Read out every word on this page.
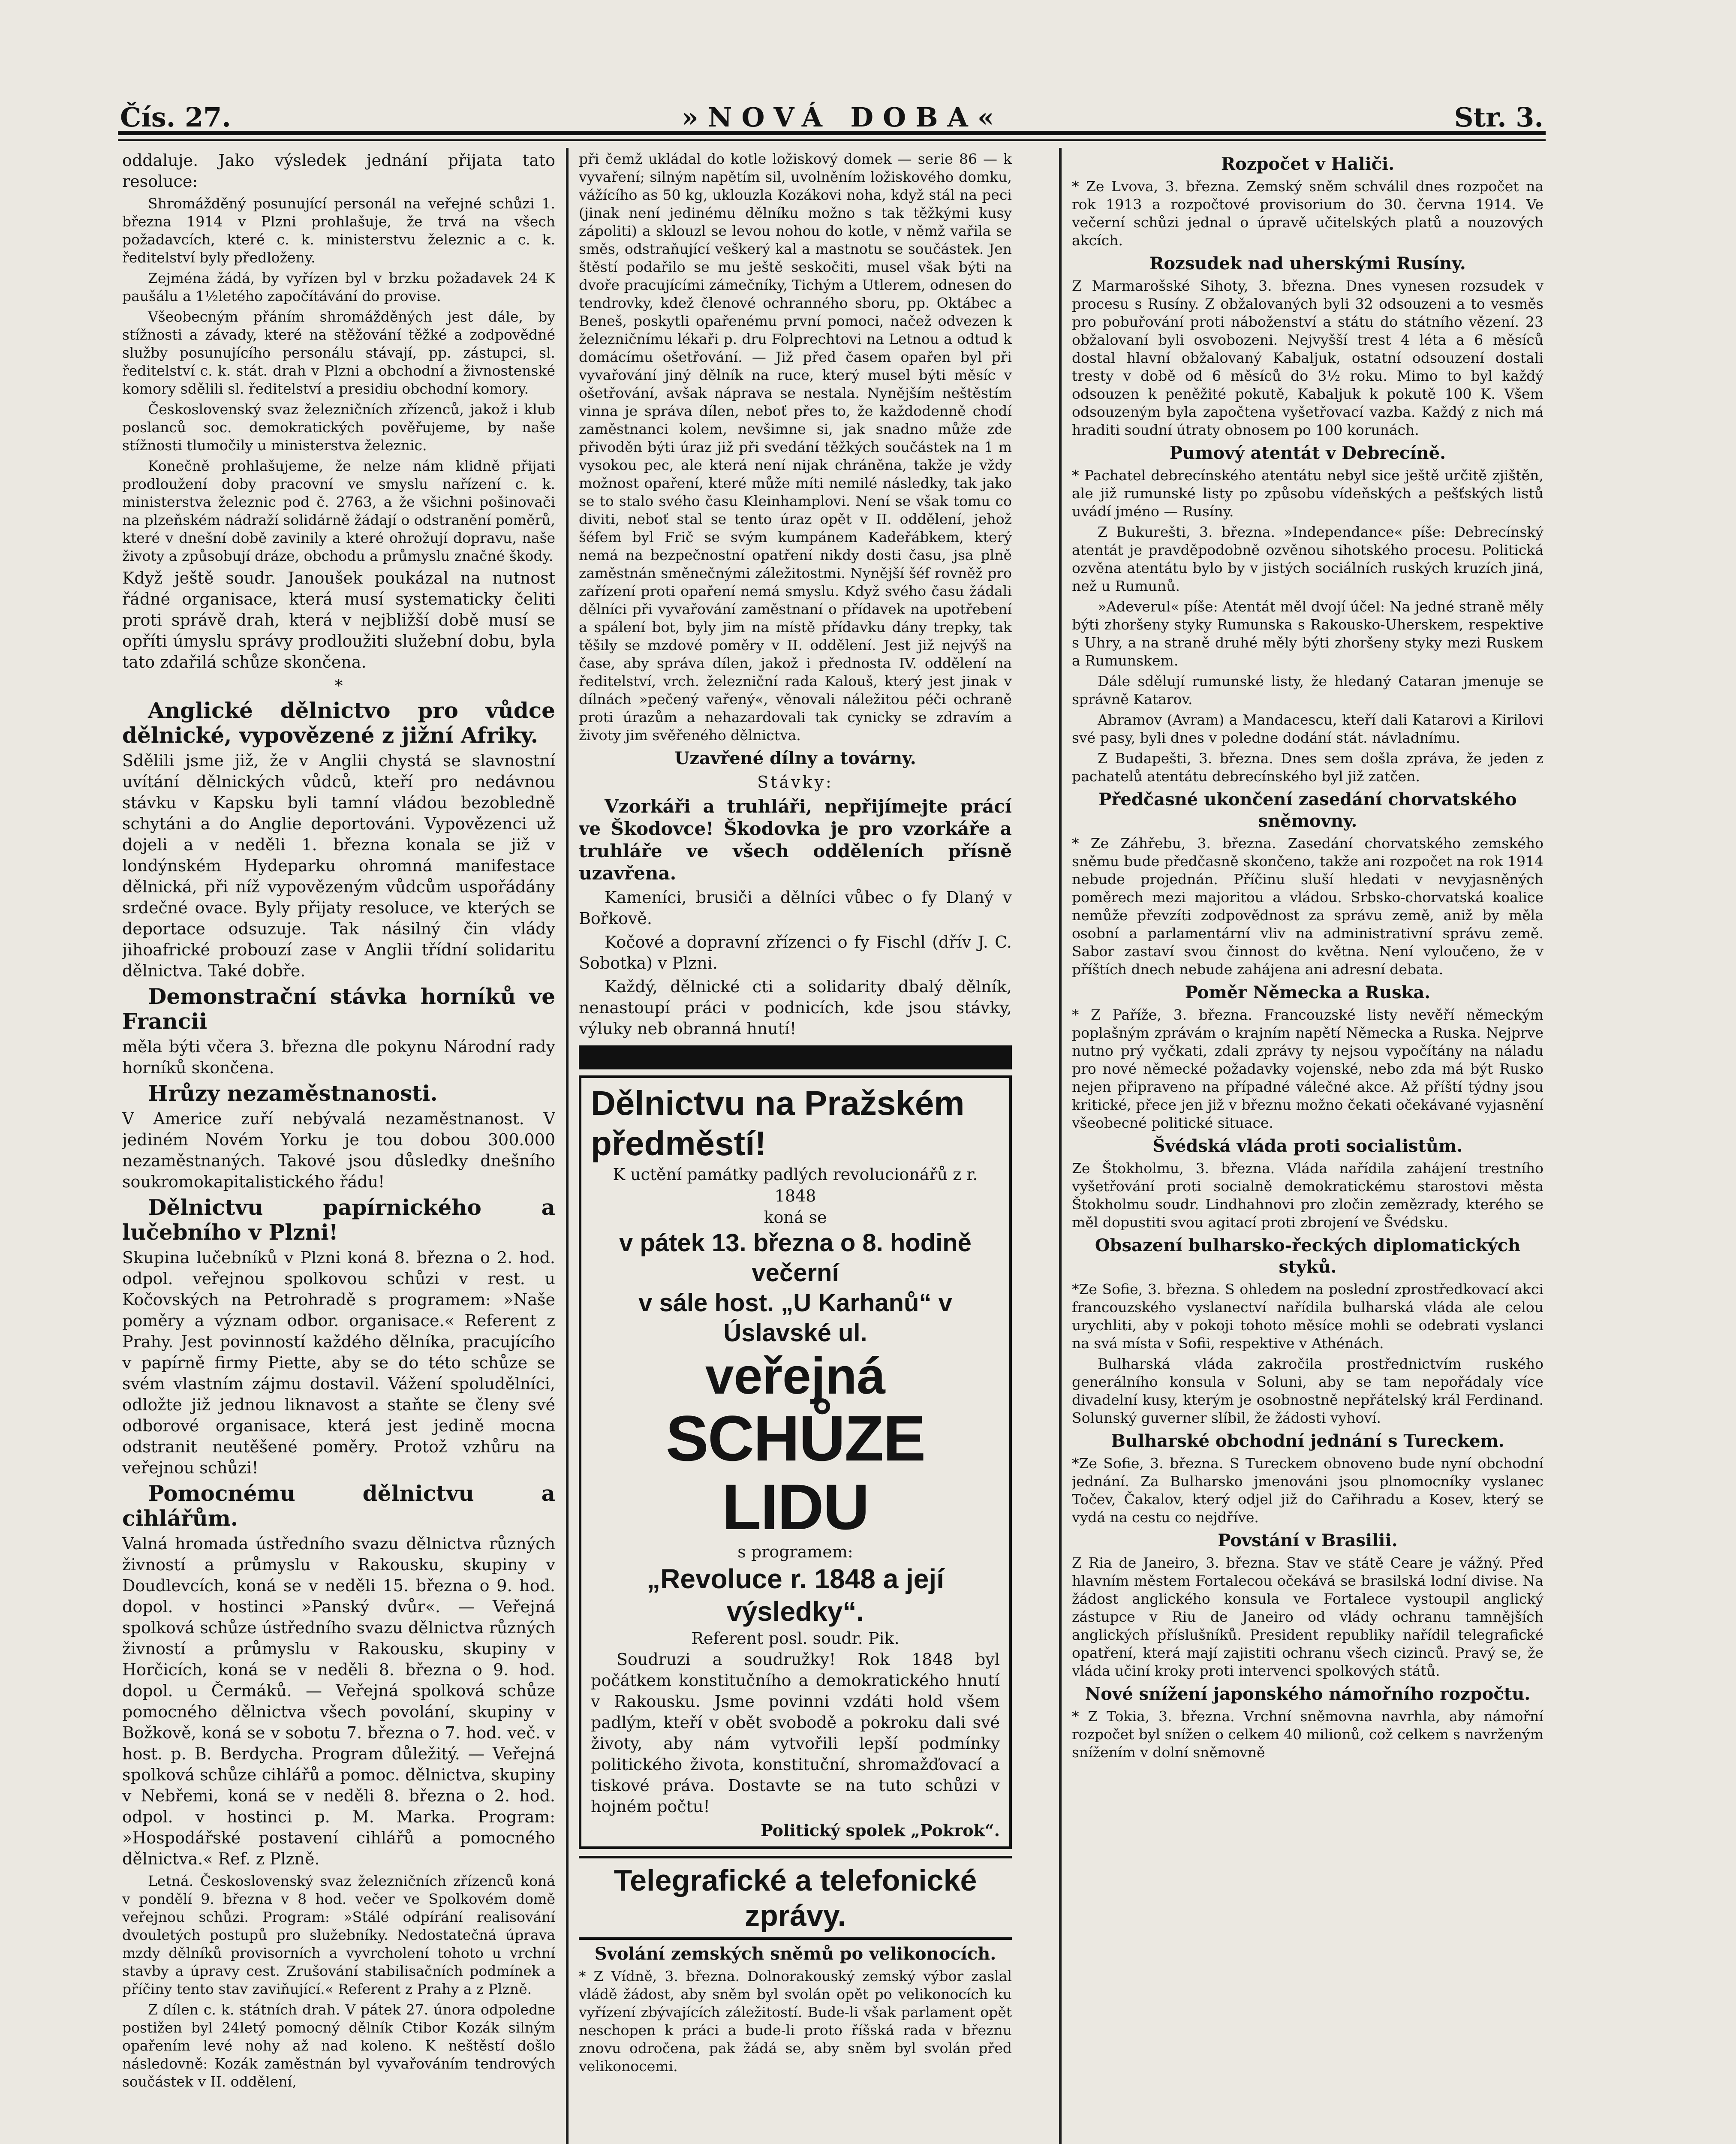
Čís. 27.	»NOVÁ DOBA«	Str. 3.

oddaluje. Jako výsledek jednání přijata tato resoluce:

Shromážděný posunující personál na veřejné schůzi 1. března 1914 v Plzni prohlašuje, že trvá na všech požadavcích, které c. k. ministerstvu železnic a c. k. ředitelství byly předloženy.

Zejména žádá, by vyřízen byl v brzku požadavek 24 K paušálu a 1½letého započítávání do provise.

Všeobecným přáním shromážděných jest dále, by stížnosti a závady, které na stěžování těžké a zodpovědné služby posunujícího personálu stávají, pp. zástupci, sl. ředitelství c. k. stát. drah v Plzni a obchodní a živnostenské komory sdělili sl. ředitelství a presidiu obchodní komory.

Československý svaz železničních zřízenců, jakož i klub poslanců soc. demokratických pověřujeme, by naše stížnosti tlumočily u ministerstva železnic.

Konečně prohlašujeme, že nelze nám klidně přijati prodloužení doby pracovní ve smyslu nařízení c. k. ministerstva železnic pod č. 2763, a že všichni pošinovači na plzeňském nádraží solidárně žádají o odstranění poměrů, které v dnešní době zavinily a které ohrožují dopravu, naše životy a způsobují dráze, obchodu a průmyslu značné škody.

Když ještě soudr. Janoušek poukázal na nutnost řádné organisace, která musí systematicky čeliti proti správě drah, která v nejbližší době musí se opříti úmyslu správy prodloužiti služební dobu, byla tato zdařilá schůze skončena.

*

Anglické dělnictvo pro vůdce dělnické, vypovězené z jižní Afriky.

Sdělili jsme již, že v Anglii chystá se slavnostní uvítání dělnických vůdců, kteří pro nedávnou stávku v Kapsku byli tamní vládou bezobledně schytáni a do Anglie deportováni. Vypovězenci už dojeli a v neděli 1. března konala se již v londýnském Hydeparku ohromná manifestace dělnická, při níž vypovězeným vůdcům uspořádány srdečné ovace. Byly přijaty resoluce, ve kterých se deportace odsuzuje. Tak násilný čin vlády jihoafrické probouzí zase v Anglii třídní solidaritu dělnictva. Také dobře.

Demonstrační stávka horníků ve Francii

měla býti včera 3. března dle pokynu Národní rady horníků skončena.

Hrůzy nezaměstnanosti.

V Americe zuří nebývalá nezaměstnanost. V jediném Novém Yorku je tou dobou 300.000 nezaměstnaných. Takové jsou důsledky dnešního soukromokapitalistického řádu!

Dělnictvu papírnického a lučebního v Plzni!

Skupina lučebníků v Plzni koná 8. března o 2. hod. odpol. veřejnou spolkovou schůzi v rest. u Kočovských na Petrohradě s programem: »Naše poměry a význam odbor. organisace.« Referent z Prahy. Jest povinností každého dělníka, pracujícího v papírně firmy Piette, aby se do této schůze se svém vlastním zájmu dostavil. Vážení spoludělníci, odložte již jednou liknavost a staňte se členy své odborové organisace, která jest jedině mocna odstranit neutěšené poměry. Protož vzhůru na veřejnou schůzi!

Pomocnému dělnictvu a cihlářům.

Valná hromada ústředního svazu dělnictva různých živností a průmyslu v Rakousku, skupiny v Doudlevcích, koná se v neděli 15. března o 9. hod. dopol. v hostinci »Panský dvůr«. — Veřejná spolková schůze ústředního svazu dělnictva různých živností a průmyslu v Rakousku, skupiny v Horčicích, koná se v neděli 8. března o 9. hod. dopol. u Čermáků. — Veřejná spolková schůze pomocného dělnictva všech povolání, skupiny v Božkově, koná se v sobotu 7. března o 7. hod. več. v host. p. B. Berdycha. Program důležitý. — Veřejná spolková schůze cihlářů a pomoc. dělnictva, skupiny v Nebřemi, koná se v neděli 8. března o 2. hod. odpol. v hostinci p. M. Marka. Program: »Hospodářské postavení cihlářů a pomocného dělnictva.« Ref. z Plzně.

Letná. Československý svaz železničních zřízenců koná v pondělí 9. března v 8 hod. večer ve Spolkovém domě veřejnou schůzi. Program: »Stálé odpírání realisování dvouletých postupů pro služebníky. Nedostatečná úprava mzdy dělníků provisorních a vyvrcholení tohoto u vrchní stavby a úpravy cest. Zrušování stabilisačních podmínek a příčiny tento stav zaviňující.« Referent z Prahy a z Plzně.

Z dílen c. k. státních drah. V pátek 27. února odpoledne postižen byl 24letý pomocný dělník Ctibor Kozák silným opařením levé nohy až nad koleno. K neštěstí došlo následovně: Kozák zaměstnán byl vyvařováním tendrových součástek v II. oddělení,

při čemž ukládal do kotle ložiskový domek — serie 86 — k vyvaření; silným napětím sil, uvolněním ložiskového domku, vážícího as 50 kg, uklouzla Kozákovi noha, když stál na peci (jinak není jedinému dělníku možno s tak těžkými kusy zápoliti) a sklouzl se levou nohou do kotle, v němž vařila se směs, odstraňující veškerý kal a mastnotu se součástek. Jen štěstí podařilo se mu ještě seskočiti, musel však býti na dvoře pracujícími zámečníky, Tichým a Utlerem, odnesen do tendrovky, kdež členové ochranného sboru, pp. Oktábec a Beneš, poskytli opařenému první pomoci, načež odvezen k železničnímu lékaři p. dru Folprechtovi na Letnou a odtud k domácímu ošetřování. — Již před časem opařen byl při vyvařování jiný dělník na ruce, který musel býti měsíc v ošetřování, avšak náprava se nestala. Nynějším neštěstím vinna je správa dílen, neboť přes to, že každodenně chodí zaměstnanci kolem, nevšimne si, jak snadno může zde přivoděn býti úraz již při svedání těžkých součástek na 1 m vysokou pec, ale která není nijak chráněna, takže je vždy možnost opaření, které může míti nemilé následky, tak jako se to stalo svého času Kleinhamplovi. Není se však tomu co diviti, neboť stal se tento úraz opět v II. oddělení, jehož šéfem byl Frič se svým kumpánem Kadeřábkem, který nemá na bezpečnostní opatření nikdy dosti času, jsa plně zaměstnán směnečnými záležitostmi. Nynější šéf rovněž pro zařízení proti opaření nemá smyslu. Když svého času žádali dělníci při vyvařování zaměstnaní o přídavek na upotřebení a spálení bot, byly jim na místě přídavku dány trepky, tak těšily se mzdové poměry v II. oddělení. Jest již nejvýš na čase, aby správa dílen, jakož i přednosta IV. oddělení na ředitelství, vrch. železniční rada Kalouš, který jest jinak v dílnách »pečený vařený«, věnovali náležitou péči ochraně proti úrazům a nehazardovali tak cynicky se zdravím a životy jim svěřeného dělnictva.

Uzavřené dílny a továrny.

Stávky:

Vzorkáři a truhláři, nepřijímejte prácí ve Škodovce! Škodovka je pro vzorkáře a truhláře ve všech odděleních přísně uzavřena.

Kameníci, brusiči a dělníci vůbec o fy Dlaný v Bořkově.

Kočové a dopravní zřízenci o fy Fischl (dřív J. C. Sobotka) v Plzni.

Každý, dělnické cti a solidarity dbalý dělník, nenastoupí práci v podnicích, kde jsou stávky, výluky neb obranná hnutí!

Dělnictvu na Pražském předměstí!
K uctění památky padlých revolucionářů z r. 1848
koná se
v pátek 13. března o 8. hodině večerní
v sále host. „U Karhanů“ v Úslavské ul.
veřejná
SCHŮZE LIDU
s programem:
„Revoluce r. 1848 a její výsledky“.
Referent posl. soudr. Pik.

Soudruzi a soudružky! Rok 1848 byl počátkem konstitučního a demokratického hnutí v Rakousku. Jsme povinni vzdáti hold všem padlým, kteří v obět svobodě a pokroku dali své životy, aby nám vytvořili lepší podmínky politického života, konstituční, shromažďovací a tiskové práva. Dostavte se na tuto schůzi v hojném počtu!

Politický spolek „Pokrok“.
Telegrafické a telefonické zprávy.

Svolání zemských sněmů po velikonocích.

* Z Vídně, 3. března. Dolnorakouský zemský výbor zaslal vládě žádost, aby sněm byl svolán opět po velikonocích ku vyřízení zbývajících záležitostí. Bude-li však parlament opět neschopen k práci a bude-li proto říšská rada v březnu znovu odročena, pak žádá se, aby sněm byl svolán před velikonocemi.

Rozpočet v Haliči.

* Ze Lvova, 3. března. Zemský sněm schválil dnes rozpočet na rok 1913 a rozpočtové provisorium do 30. června 1914. Ve večerní schůzi jednal o úpravě učitelských platů a nouzových akcích.

Rozsudek nad uherskými Rusíny.

Z Marmarošské Sihoty, 3. března. Dnes vynesen rozsudek v procesu s Rusíny. Z obžalovaných byli 32 odsouzeni a to vesměs pro pobuřování proti náboženství a státu do státního vězení. 23 obžalovaní byli osvobozeni. Nejvyšší trest 4 léta a 6 měsíců dostal hlavní obžalovaný Kabaljuk, ostatní odsouzení dostali tresty v době od 6 měsíců do 3½ roku. Mimo to byl každý odsouzen k peněžité pokutě, Kabaljuk k pokutě 100 K. Všem odsouzeným byla započtena vyšetřovací vazba. Každý z nich má hraditi soudní útraty obnosem po 100 korunách.

Pumový atentát v Debrecíně.

* Pachatel debrecínského atentátu nebyl sice ještě určitě zjištěn, ale již rumunské listy po způsobu vídeňských a pešťských listů uvádí jméno — Rusíny.

Z Bukurešti, 3. března. »Independance« píše: Debrecínský atentát je pravděpodobně ozvěnou sihotského procesu. Politická ozvěna atentátu bylo by v jistých sociálních ruských kruzích jiná, než u Rumunů.

»Adeverul« píše: Atentát měl dvojí účel: Na jedné straně měly býti zhoršeny styky Rumunska s Rakousko-Uherskem, respektive s Uhry, a na straně druhé měly býti zhoršeny styky mezi Ruskem a Rumunskem.

Dále sdělují rumunské listy, že hledaný Cataran jmenuje se správně Katarov.

Abramov (Avram) a Mandacescu, kteří dali Katarovi a Kirilovi své pasy, byli dnes v poledne dodání stát. návladnímu.

Z Budapešti, 3. března. Dnes sem došla zpráva, že jeden z pachatelů atentátu debrecínského byl již zatčen.

Předčasné ukončení zasedání chorvatského sněmovny.

* Ze Záhřebu, 3. března. Zasedání chorvatského zemského sněmu bude předčasně skončeno, takže ani rozpočet na rok 1914 nebude projednán. Příčinu sluší hledati v nevyjasněných poměrech mezi majoritou a vládou. Srbsko-chorvatská koalice nemůže převzíti zodpovědnost za správu země, aniž by měla osobní a parlamentární vliv na administrativní správu země. Sabor zastaví svou činnost do května. Není vyloučeno, že v příštích dnech nebude zahájena ani adresní debata.

Poměr Německa a Ruska.

* Z Paříže, 3. března. Francouzské listy nevěří německým poplašným zprávám o krajním napětí Německa a Ruska. Nejprve nutno prý vyčkati, zdali zprávy ty nejsou vypočítány na náladu pro nové německé požadavky vojenské, nebo zda má být Rusko nejen připraveno na případné válečné akce. Až příští týdny jsou kritické, přece jen již v březnu možno čekati očekávané vyjasnění všeobecné politické situace.

Švédská vláda proti socialistům.

Ze Štokholmu, 3. března. Vláda nařídila zahájení trestního vyšetřování proti socialně demokratickému starostovi města Štokholmu soudr. Lindhahnovi pro zločin zemězrady, kterého se měl dopustiti svou agitací proti zbrojení ve Švédsku.

Obsazení bulharsko-řeckých diplomatických styků.

*Ze Sofie, 3. března. S ohledem na poslední zprostředkovací akci francouzského vyslanectví nařídila bulharská vláda ale celou urychliti, aby v pokoji tohoto měsíce mohli se odebrati vyslanci na svá místa v Sofii, respektive v Athénách.

Bulharská vláda zakročila prostřednictvím ruského generálního konsula v Soluni, aby se tam nepořádaly více divadelní kusy, kterým je osobnostně nepřátelský král Ferdinand. Solunský guverner slíbil, že žádosti vyhoví.

Bulharské obchodní jednání s Tureckem.

*Ze Sofie, 3. března. S Tureckem obnoveno bude nyní obchodní jednání. Za Bulharsko jmenováni jsou plnomocníky vyslanec Točev, Čakalov, který odjel již do Cařihradu a Kosev, který se vydá na cestu co nejdříve.

Povstání v Brasilii.

Z Ria de Janeiro, 3. března. Stav ve státě Ceare je vážný. Před hlavním městem Fortalecou očekává se brasilská lodní divise. Na žádost anglického konsula ve Fortalece vystoupil anglický zástupce v Riu de Janeiro od vlády ochranu tamnějších anglických příslušníků. President republiky nařídil telegrafické opatření, která mají zajistiti ochranu všech cizinců. Pravý se, že vláda učiní kroky proti intervenci spolkových států.

Nové snížení japonského námořního rozpočtu.

* Z Tokia, 3. března. Vrchní sněmovna navrhla, aby námořní rozpočet byl snížen o celkem 40 milionů, což celkem s navrženým snížením v dolní sněmovně
